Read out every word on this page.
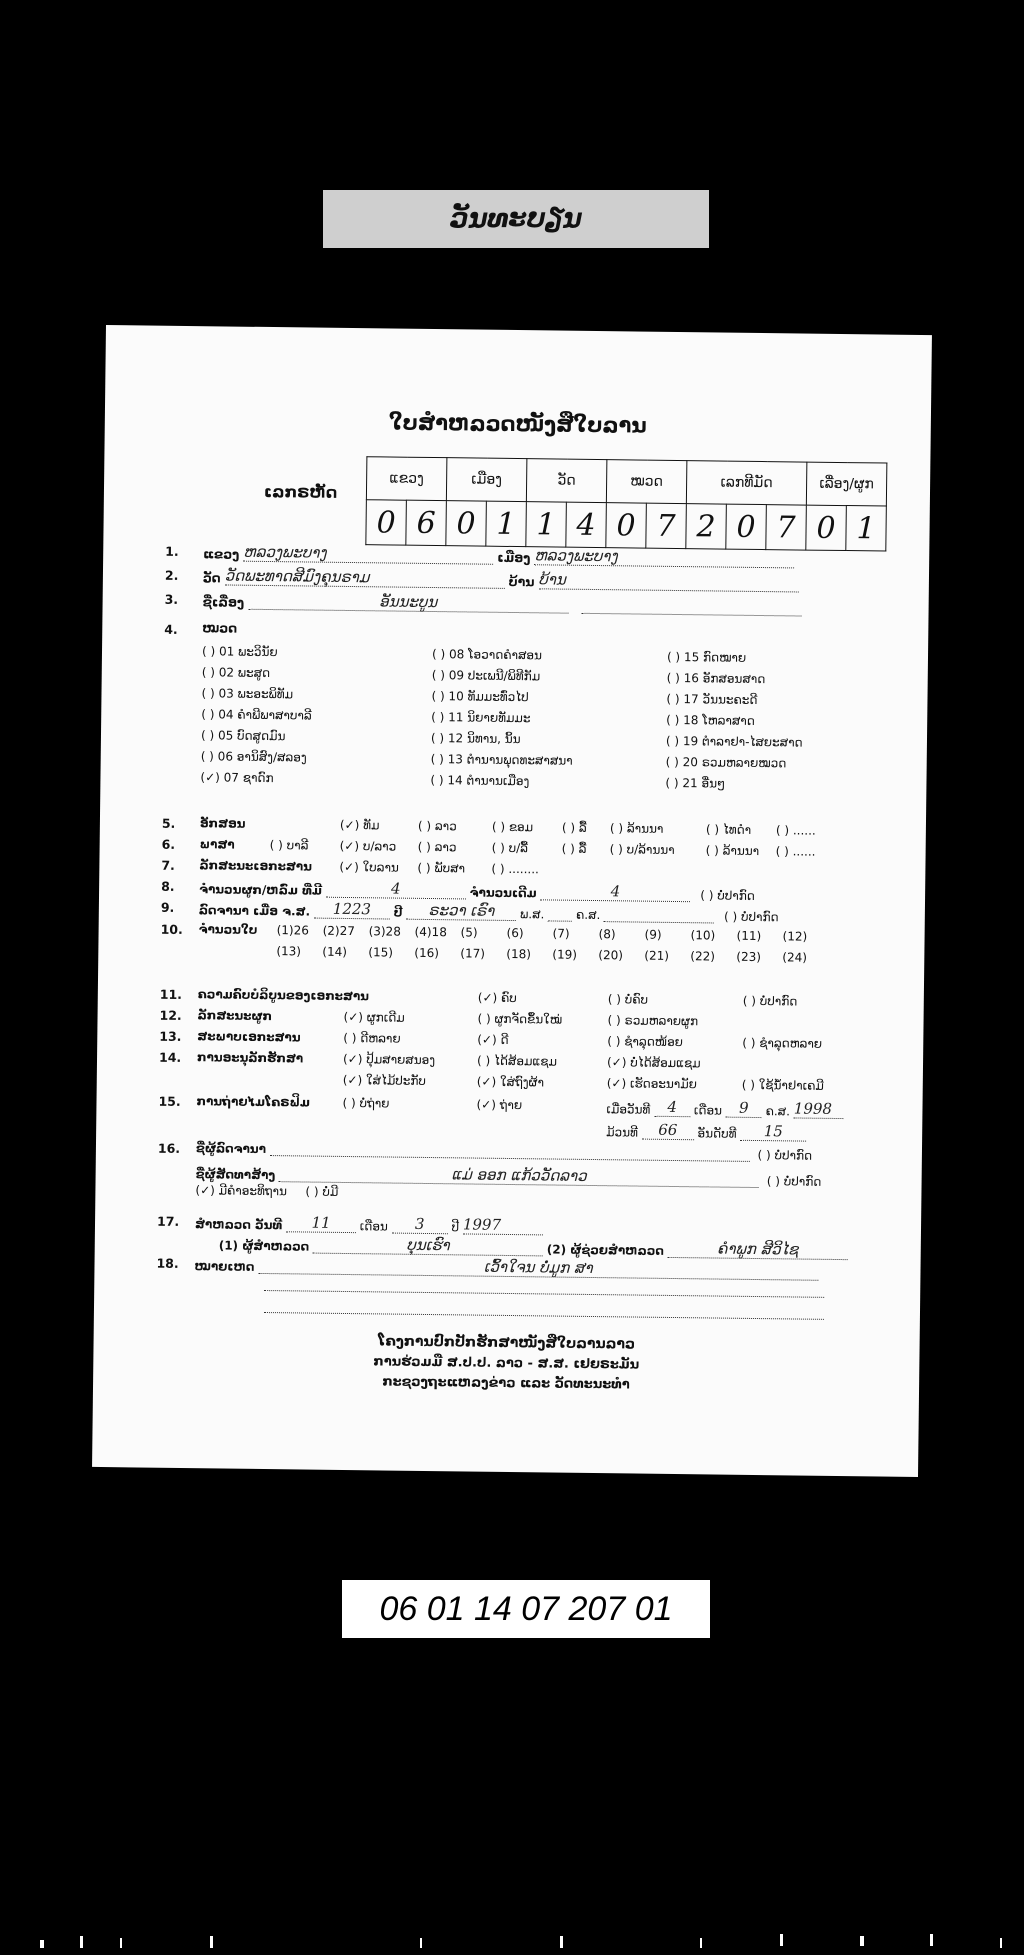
ວັນທະບຽນ
ໃບສຳຫລວດໜັງສືໃບລານ
ເລກຣຫັດ
ແຂວງ		ເມືອງ		ວັດ		ໝວດ		ເລກທີມັດ			ເລື່ອງ/ຜູກ	
0	6	0	1	1	4	0	7	2	0	7	0	1
1. ແຂວງ ຫລວງພະບາງ	ເມືອງ ຫລວງພະບາງ
2. ວັດ ວັດພະທາດສີມົງຄຸນຣາມ	ບ້ານ ບ້ານ
3. ຊື່ເລື່ອງ	ອັນນະບູນ
4. ໝວດ
( ) 01 ພະວິນັຍ
( ) 02 ພະສູດ
( ) 03 ພະອະພິທັມ
( ) 04 ຄຳພີພາສາບາລີ
( ) 05 ບົດສູດມົນ
( ) 06 ອານິສົງ/ສລອງ
(✓) 07 ຊາດົກ
( ) 08 ໂອວາດຄຳສອນ
( ) 09 ປະເພນີ/ພິທີກັມ
( ) 10 ທັມມະທົ່ວໄປ
( ) 11 ນິຍາຍທັມມະ
( ) 12 ນິທານ, ນິ້ນ
( ) 13 ຕຳນານພຸດທະສາສນາ
( ) 14 ຕຳນານເມືອງ
( ) 15 ກົດໝາຍ
( ) 16 ອັກສອນສາດ
( ) 17 ວັນນະຄະດີ
( ) 18 ໂຫລາສາດ
( ) 19 ຕຳລາຢາ-ໄສຍະສາດ
( ) 20 ຣວມຫລາຍໝວດ
( ) 21 ອື່ນໆ
5. ອັກສອນ	(✓) ທັມ	( ) ລາວ	( ) ຂອມ ( ) ລື້ ( ) ລ້ານນາ	( ) ໄທດຳ ( ) ......
6. ພາສາ	( ) ບາລີ	(✓) ບ/ລາວ ( ) ລາວ	( ) ບ/ລື້	( ) ລື້ ( ) ບ/ລ້ານນາ	( ) ລ້ານນາ ( ) ......
7. ລັກສະນະເອກະສານ (✓) ໃບລານ ( ) ພັບສາ ( ) ........
8. ຈຳນວນຜູກ/ຫລົ່ມ ທີ່ມີ	4	ຈຳນວນເດີມ	4	( ) ບໍ່ປາກົດ
9. ລົດຈານາ ເມື່ອ ຈ.ສ. 1223 ປີ ຣະວາ ເຣົາ ພ.ສ.	ຄ.ສ.	( ) ບໍ່ປາກົດ
10. ຈຳນວນໃບ (1)26 (2)27 (3)28 (4)18 (5) (6) (7) (8) (9) (10) (11) (12)
(13) (14) (15) (16) (17) (18) (19) (20) (21) (22) (23) (24)
11. ຄວາມຄົບບໍລິບູນຂອງເອກະສານ	(✓) ຄົບ	( ) ບໍ່ຄົບ	( ) ບໍ່ປາກົດ
12. ລັກສະນະຜູກ	(✓) ຜູກເດີມ	( ) ຜູກຈັດຂຶ້ນໃໝ່	( ) ຣວມຫລາຍຜູກ
13. ສະພາບເອກະສານ	( ) ດີຫລາຍ	(✓) ດີ	( ) ຊຳລຸດໜ້ອຍ	( ) ຊຳລຸດຫລາຍ
14. ການອະນຸລັກຮັກສາ	(✓) ປຸ້ມສາຍສນອງ	( ) ໄດ້ສ້ອມແຊມ	(✓) ບໍ່ໄດ້ສ້ອມແຊມ
(✓) ໃສ່ໄມ້ປະກັບ	(✓) ໃສ່ຖົງຜ້າ	(✓) ເຮັດອະນາມັຍ	( ) ໃຊ້ນ້ຳຢາເຄມີ
15. ການຖ່າຍໄມໂຄຣຟິມ	( ) ບໍ່ຖ່າຍ	(✓) ຖ່າຍ	ເມື່ອວັນທີ 4 ເດືອນ 9 ຄ.ສ. 1998
ມ້ວນທີ 66 ອັນດັບທີ 15
16. ຊື່ຜູ້ລົດຈານາ	( ) ບໍ່ປາກົດ
ຊື່ຜູ້ສັດທາສ້າງ	ແມ່ ອອກ ແກ້ວວັດລາວ	( ) ບໍ່ປາກົດ
(✓) ມີຄຳອະທິຖານ ( ) ບໍ່ມີ
17. ສຳຫລວດ ວັນທີ 11 ເດືອນ 3 ປີ 1997
(1) ຜູ້ສຳຫລວດ	ບຸນເຮົາ	(2) ຜູ້ຊ່ວຍສຳຫລວດ	ຄຳພູກ ສີວິໄຊ
18. ໝາຍເຫດ	ເວົ້າໃຈນ ບໍ່ມູກ ສາ
ໂຄງການປົກປັກຮັກສາໜັງສືໃບລານລາວ
ການຮ່ວມມື ສ.ປ.ປ. ລາວ - ສ.ສ. ເຢຍຣະມັນ
ກະຊວງຖະແຫລງຂ່າວ ແລະ ວັດທະນະທຳ
06 01 14 07 207 01
